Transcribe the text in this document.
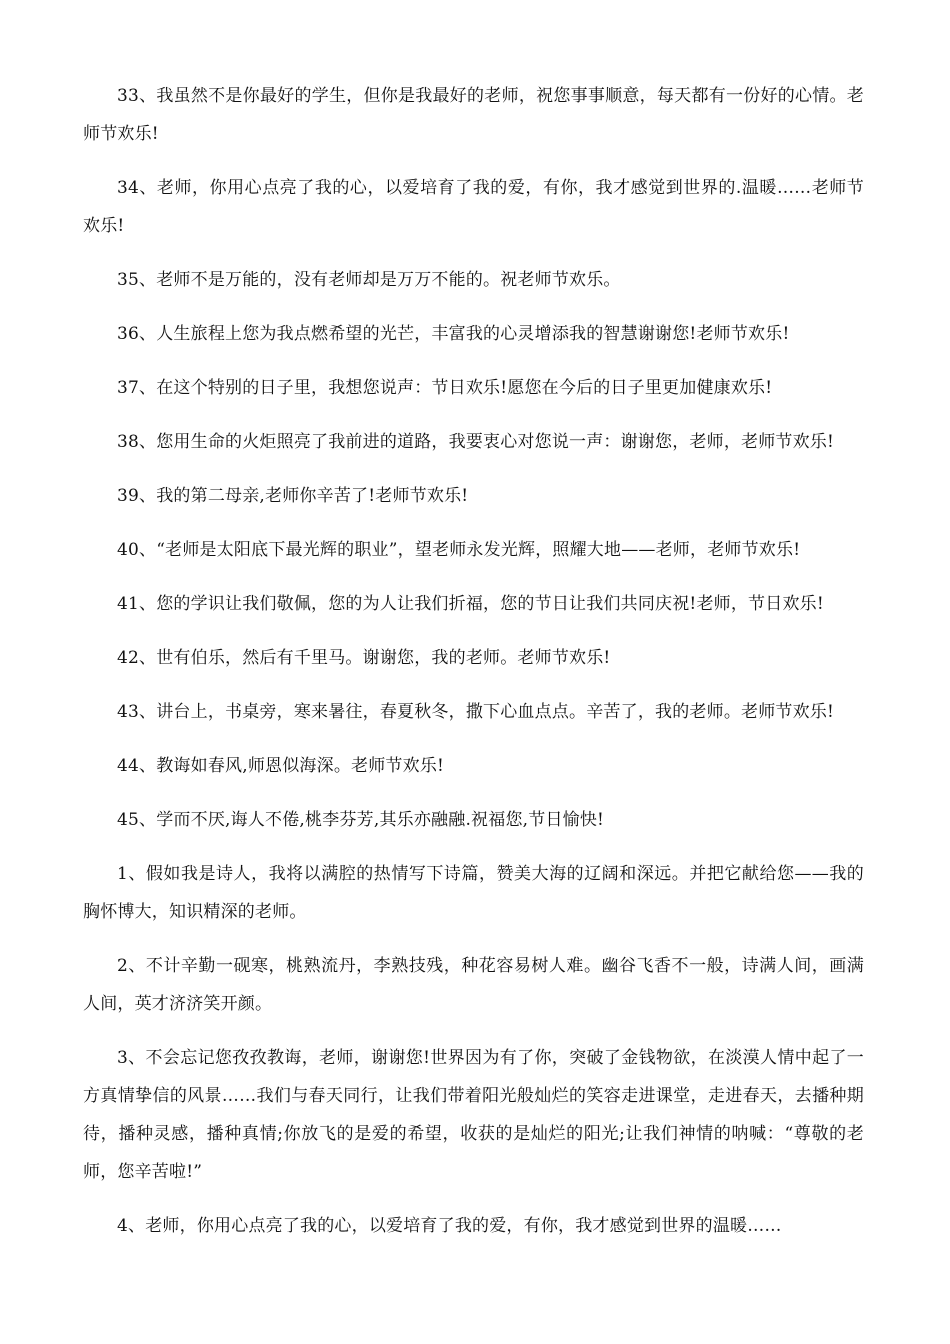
33、我虽然不是你最好的学生，但你是我最好的老师，祝您事事顺意，每天都有一份好的心情。老师节欢乐!

34、老师，你用心点亮了我的心，以爱培育了我的爱，有你，我才感觉到世界的.温暖……老师节欢乐!

35、老师不是万能的，没有老师却是万万不能的。祝老师节欢乐。

36、人生旅程上您为我点燃希望的光芒，丰富我的心灵增添我的智慧谢谢您!老师节欢乐!

37、在这个特别的日子里，我想您说声：节日欢乐!愿您在今后的日子里更加健康欢乐!

38、您用生命的火炬照亮了我前进的道路，我要衷心对您说一声：谢谢您，老师，老师节欢乐!

39、我的第二母亲,老师你辛苦了!老师节欢乐!

40、“老师是太阳底下最光辉的职业”，望老师永发光辉，照耀大地——老师，老师节欢乐!

41、您的学识让我们敬佩，您的为人让我们折福，您的节日让我们共同庆祝!老师，节日欢乐!

42、世有伯乐，然后有千里马。谢谢您，我的老师。老师节欢乐!

43、讲台上，书桌旁，寒来暑往，春夏秋冬，撒下心血点点。辛苦了，我的老师。老师节欢乐!

44、教诲如春风,师恩似海深。老师节欢乐!

45、学而不厌,诲人不倦,桃李芬芳,其乐亦融融.祝福您,节日愉快!

1、假如我是诗人，我将以满腔的热情写下诗篇，赞美大海的辽阔和深远。并把它献给您——我的胸怀博大，知识精深的老师。

2、不计辛勤一砚寒，桃熟流丹，李熟技残，种花容易树人难。幽谷飞香不一般，诗满人间，画满人间，英才济济笑开颜。

3、不会忘记您孜孜教诲，老师，谢谢您!世界因为有了你，突破了金钱物欲，在淡漠人情中起了一方真情挚信的风景……我们与春天同行，让我们带着阳光般灿烂的笑容走进课堂，走进春天，去播种期待，播种灵感，播种真情;你放飞的是爱的希望，收获的是灿烂的阳光;让我们神情的呐喊：“尊敬的老师，您辛苦啦!”

4、老师，你用心点亮了我的心，以爱培育了我的爱，有你，我才感觉到世界的温暖……
